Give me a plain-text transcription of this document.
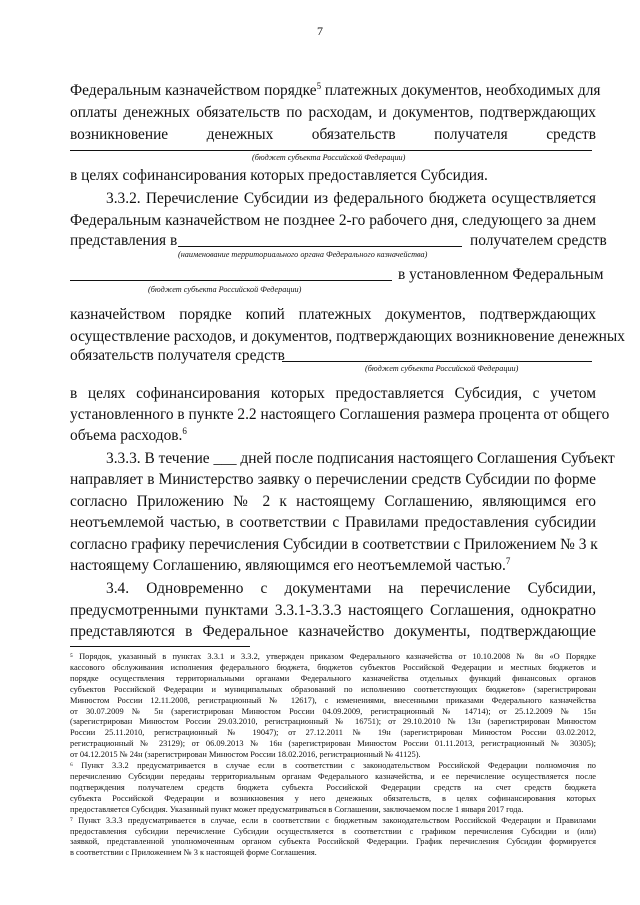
7
Федеральным казначейством порядке$^5$ платежных документов, необходимых для
оплаты денежных обязательств по расходам, и документов, подтверждающих
возникновение денежных обязательств получателя средств
(бюджет субъекта Российской Федерации)
в целях софинансирования которых предоставляется Субсидия.
3.3.2. Перечисление Субсидии из федерального бюджета осуществляется
Федеральным казначейством не позднее 2-го рабочего дня, следующего за днем
представления в	получателем средств
(наименование территориального органа Федерального казначейства)
в установленном Федеральным
(бюджет субъекта Российской Федерации)
казначейством порядке копий платежных документов, подтверждающих
осуществление расходов, и документов, подтверждающих возникновение денежных
обязательств получателя средств
(бюджет субъекта Российской Федерации)
в целях софинансирования которых предоставляется Субсидия, с учетом
установленного в пункте 2.2 настоящего Соглашения размера процента от общего
объема расходов.$^6$
3.3.3. В течение ___ дней после подписания настоящего Соглашения Субъект
направляет в Министерство заявку о перечислении средств Субсидии по форме
согласно Приложению № 2 к настоящему Соглашению, являющимся его
неотъемлемой частью, в соответствии с Правилами предоставления субсидии
согласно графику перечисления Субсидии в соответствии с Приложением № 3 к
настоящему Соглашению, являющимся его неотъемлемой частью.$^7$
3.4. Одновременно с документами на перечисление Субсидии,
предусмотренными пунктами 3.3.1-3.3.3 настоящего Соглашения, однократно
представляются в Федеральное казначейство документы, подтверждающие
⁵ Порядок, указанный в пунктах 3.3.1 и 3.3.2, утвержден приказом Федерального казначейства от 10.10.2008 № 8н «О Порядке
кассового обслуживания исполнения федерального бюджета, бюджетов субъектов Российской Федерации и местных бюджетов и
порядке осуществления территориальными органами Федерального казначейства отдельных функций финансовых органов
субъектов Российской Федерации и муниципальных образований по исполнению соответствующих бюджетов» (зарегистрирован
Минюстом России 12.11.2008, регистрационный № 12617), с изменениями, внесенными приказами Федерального казначейства
от 30.07.2009 № 5н (зарегистрирован Минюстом России 04.09.2009, регистрационный № 14714); от 25.12.2009 № 15н
(зарегистрирован Минюстом России 29.03.2010, регистрационный № 16751); от 29.10.2010 № 13н (зарегистрирован Минюстом
России 25.11.2010, регистрационный № 19047); от 27.12.2011 № 19н (зарегистрирован Минюстом России 03.02.2012,
регистрационный № 23129); от 06.09.2013 № 16н (зарегистрирован Минюстом России 01.11.2013, регистрационный № 30305);
от 04.12.2015 № 24н (зарегистрирован Минюстом России 18.02.2016, регистрационный № 41125).
⁶ Пункт 3.3.2 предусматривается в случае если в соответствии с законодательством Российской Федерации полномочия по
перечислению Субсидии переданы территориальным органам Федерального казначейства, и ее перечисление осуществляется после
подтверждения получателем средств бюджета субъекта Российской Федерации средств на счет средств бюджета
субъекта Российской Федерации и возникновения у него денежных обязательств, в целях софинансирования которых
предоставляется Субсидия. Указанный пункт может предусматриваться в Соглашении, заключаемом после 1 января 2017 года.
⁷ Пункт 3.3.3 предусматривается в случае, если в соответствии с бюджетным законодательством Российской Федерации и Правилами
предоставления субсидии перечисление Субсидии осуществляется в соответствии с графиком перечисления Субсидии и (или)
заявкой, представленной уполномоченным органом субъекта Российской Федерации. График перечисления Субсидии формируется
в соответствии с Приложением № 3 к настоящей форме Соглашения.
